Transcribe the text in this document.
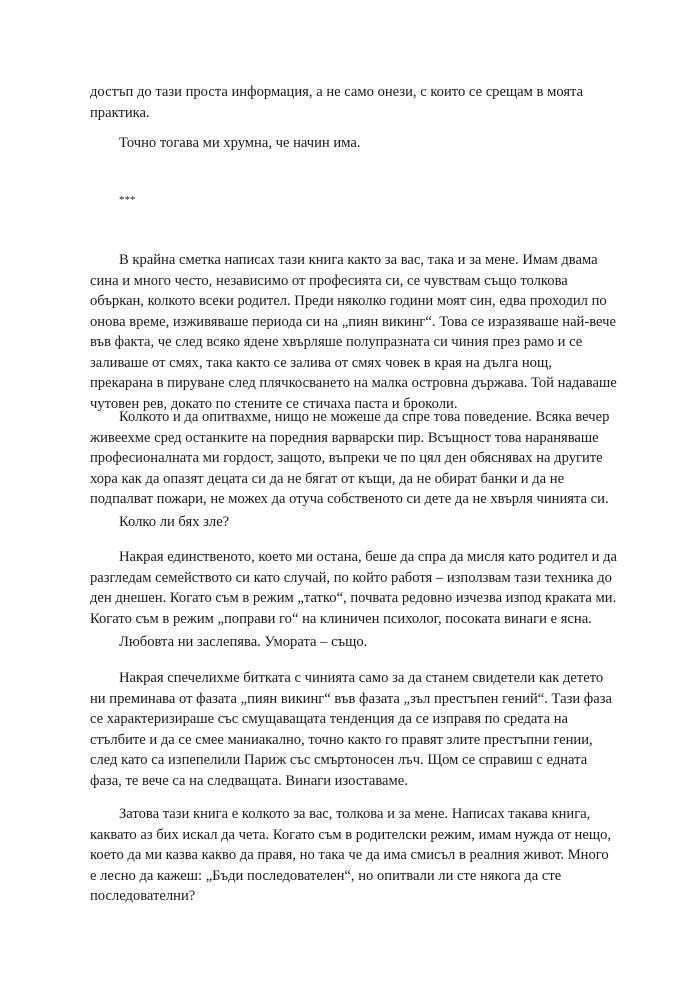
достъп до тази проста информация, а не само онези, с които се срещам в моята практика.

Точно тогава ми хрумна, че начин има.

***

В крайна сметка написах тази книга както за вас, така и за мене. Имам двама сина и много често, независимо от професията си, се чувствам също толкова объркан, колкото всеки родител. Преди няколко години моят син, едва проходил по онова време, изживяваше периода си на „пиян викинг“. Това се изразяваше най-вече във факта, че след всяко ядене хвърляше полупразната си чиния през рамо и се заливаше от смях, така както се залива от смях човек в края на дълга нощ, прекарана в пируване след плячкосването на малка островна държава. Той надаваше чутовен рев, докато по стените се стичаха паста и броколи.

Колкото и да опитвахме, нищо не можеше да спре това поведение. Всяка вечер живеехме сред останките на поредния варварски пир. Всъщност това нараняваше професионалната ми гордост, защото, въпреки че по цял ден обяснявах на другите хора как да опазят децата си да не бягат от къщи, да не обират банки и да не подпалват пожари, не можех да отуча собственото си дете да не хвърля чинията си.

Колко ли бях зле?

Накрая единственото, което ми остана, беше да спра да мисля като родител и да разгледам семейството си като случай, по който работя – използвам тази техника до ден днешен. Когато съм в режим „татко“, почвата редовно изчезва изпод краката ми. Когато съм в режим „поправи го“ на клиничен психолог, посоката винаги е ясна.

Любовта ни заслепява. Умората – също.

Накрая спечелихме битката с чинията само за да станем свидетели как детето ни преминава от фазата „пиян викинг“ във фазата „зъл престъпен гений“. Тази фаза се характеризираше със смущаващата тенденция да се изправя по средата на стълбите и да се смее маниакално, точно както го правят злите престъпни гении, след като са изпепелили Париж със смъртоносен лъч. Щом се справиш с едната фаза, те вече са на следващата. Винаги изоставаме.

Затова тази книга е колкото за вас, толкова и за мене. Написах такава книга, каквато аз бих искал да чета. Когато съм в родителски режим, имам нужда от нещо, което да ми казва какво да правя, но така че да има смисъл в реалния живот. Много е лесно да кажеш: „Бъди последователен“, но опитвали ли сте някога да сте последователни?
